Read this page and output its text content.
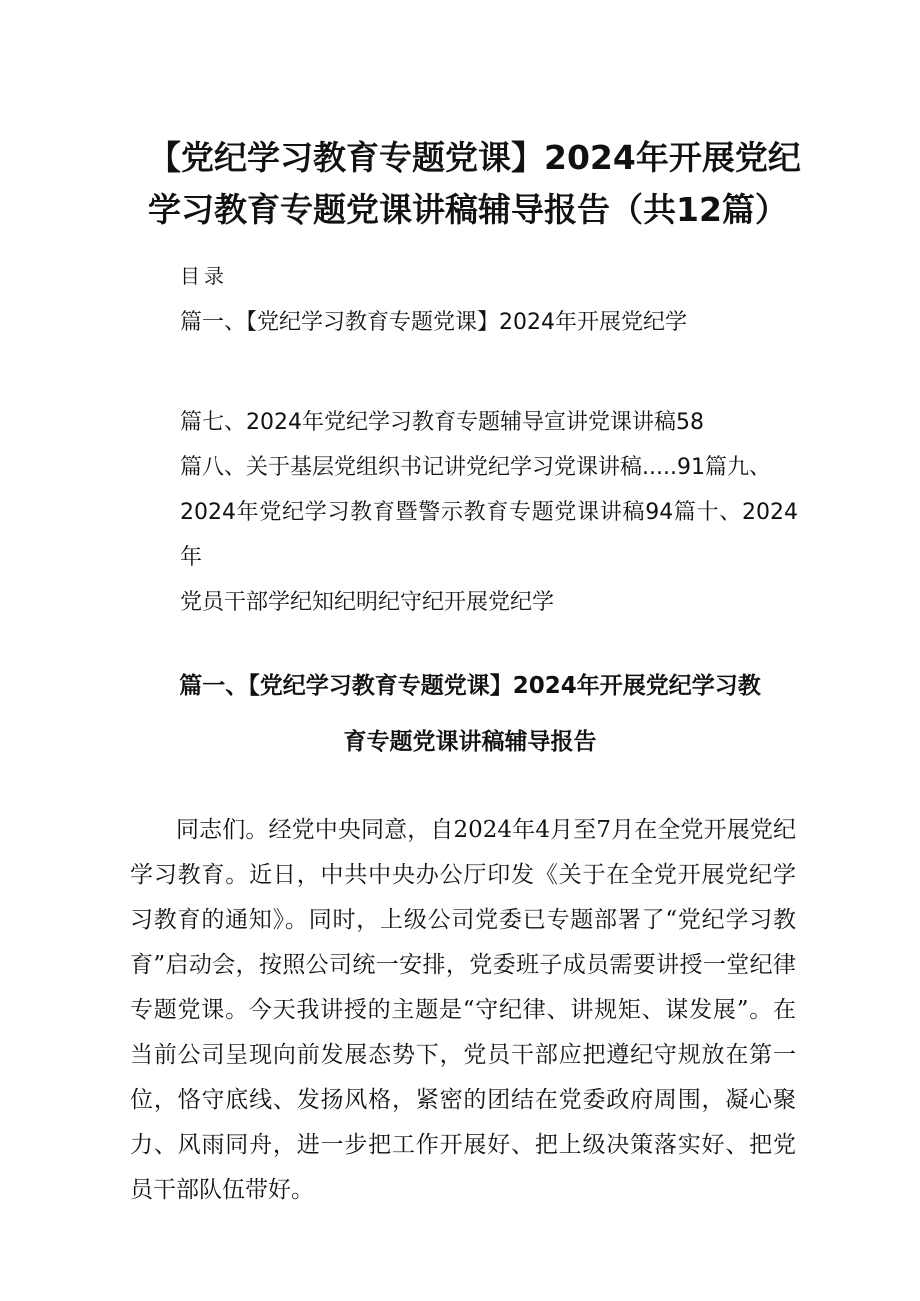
【党纪学习教育专题党课】2024年开展党纪学习教育专题党课讲稿辅导报告（共12篇）

目录

篇一、【党纪学习教育专题党课】2024年开展党纪学

篇七、2024年党纪学习教育专题辅导宣讲党课讲稿58
篇八、关于基层党组织书记讲党纪学习党课讲稿.....91篇九、
2024年党纪学习教育暨警示教育专题党课讲稿94篇十、2024年
党员干部学纪知纪明纪守纪开展党纪学
篇一、【党纪学习教育专题党课】2024年开展党纪学习教
育专题党课讲稿辅导报告

同志们。经党中央同意，自2024年4月至7月在全党开展党纪学习教育。近日，中共中央办公厅印发《关于在全党开展党纪学习教育的通知》。同时，上级公司党委已专题部署了“党纪学习教育”启动会，按照公司统一安排，党委班子成员需要讲授一堂纪律专题党课。今天我讲授的主题是“守纪律、讲规矩、谋发展”。在当前公司呈现向前发展态势下，党员干部应把遵纪守规放在第一位，恪守底线、发扬风格，紧密的团结在党委政府周围，凝心聚力、风雨同舟，进一步把工作开展好、把上级决策落实好、把党员干部队伍带好。
